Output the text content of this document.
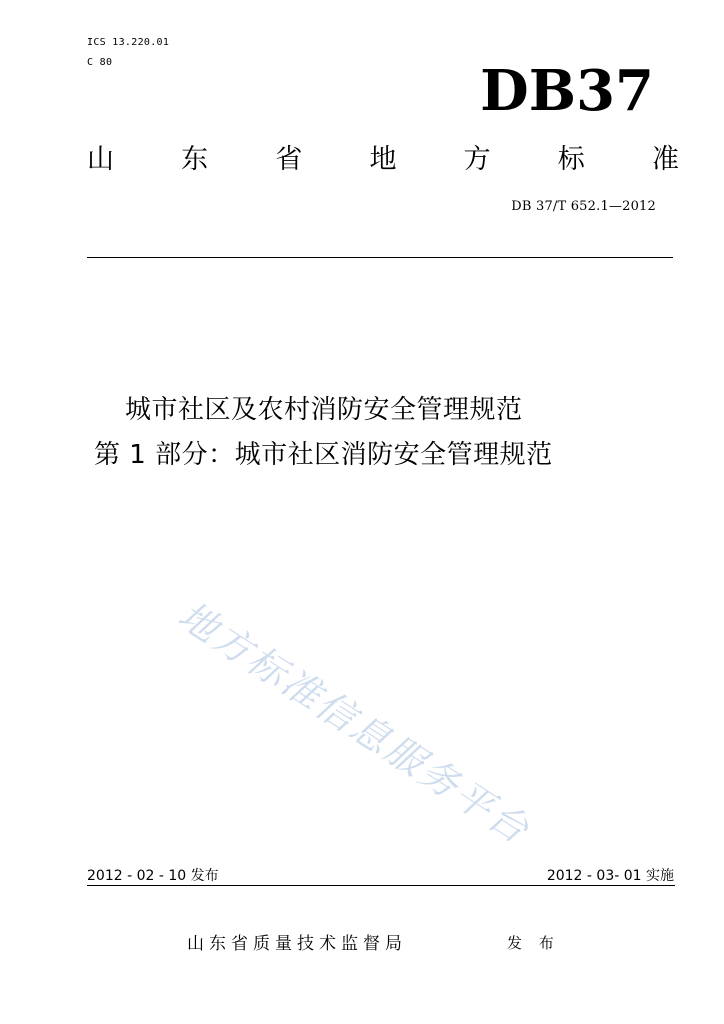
ICS 13.220.01
C 80	DB37
山 东 省 地 方 标 准
DB 37/T 652.1—2012
城市社区及农村消防安全管理规范
第 1 部分：城市社区消防安全管理规范
地方标准信息服务平台
2012 - 02 - 10 发布	2012 - 03- 01 实施
山东省质量技术监督局	发 布
